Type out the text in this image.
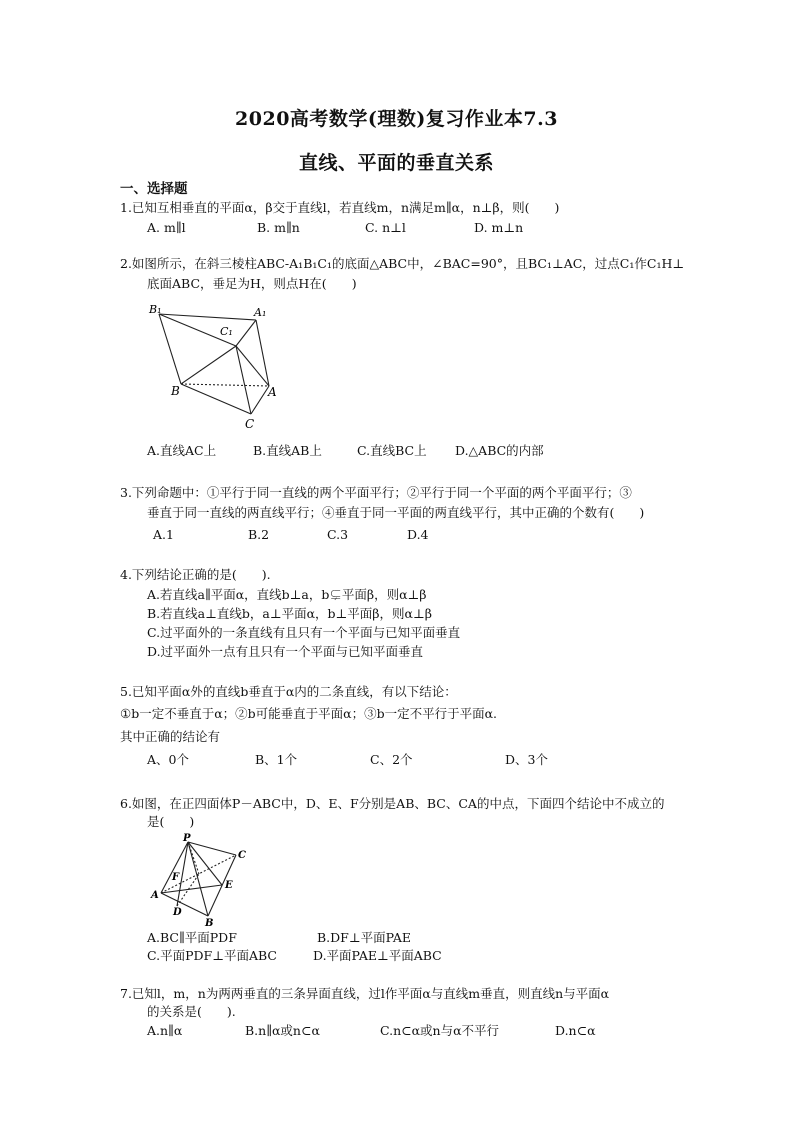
2020高考数学(理数)复习作业本7.3
直线、平面的垂直关系
一、选择题
1.已知互相垂直的平面α，β交于直线l，若直线m，n满足m∥α，n⊥β，则(　　)
A. m∥l	B. m∥n	C. n⊥l	D. m⊥n
2.如图所示，在斜三棱柱ABC-A₁B₁C₁的底面△ABC中，∠BAC=90°，且BC₁⊥AC，过点C₁作C₁H⊥
底面ABC，垂足为H，则点H在(　　)
B₁	A₁
C₁
B	A
C
A.直线AC上	B.直线AB上	C.直线BC上 D.△ABC的内部
3.下列命题中：①平行于同一直线的两个平面平行；②平行于同一个平面的两个平面平行；③
垂直于同一直线的两直线平行；④垂直于同一平面的两直线平行，其中正确的个数有(　　)
A.1	B.2	C.3	D.4
4.下列结论正确的是(　　).
A.若直线a∥平面α，直线b⊥a，b⊊平面β，则α⊥β
B.若直线a⊥直线b，a⊥平面α，b⊥平面β，则α⊥β
C.过平面外的一条直线有且只有一个平面与已知平面垂直
D.过平面外一点有且只有一个平面与已知平面垂直
5.已知平面α外的直线b垂直于α内的二条直线，有以下结论：
①b一定不垂直于α；②b可能垂直于平面α；③b一定不平行于平面α.
其中正确的结论有
A、0个	B、1个	C、2个	D、3个
6.如图，在正四面体P－ABC中，D、E、F分别是AB、BC、CA的中点，下面四个结论中不成立的
是(　　)
P
C
F
E
A
D
B
A.BC∥平面PDF	B.DF⊥平面PAE
C.平面PDF⊥平面ABC	D.平面PAE⊥平面ABC
7.已知l，m，n为两两垂直的三条异面直线，过l作平面α与直线m垂直，则直线n与平面α
的关系是(　　).
A.n∥α	B.n∥α或n⊂α	C.n⊂α或n与α不平行	D.n⊂α
